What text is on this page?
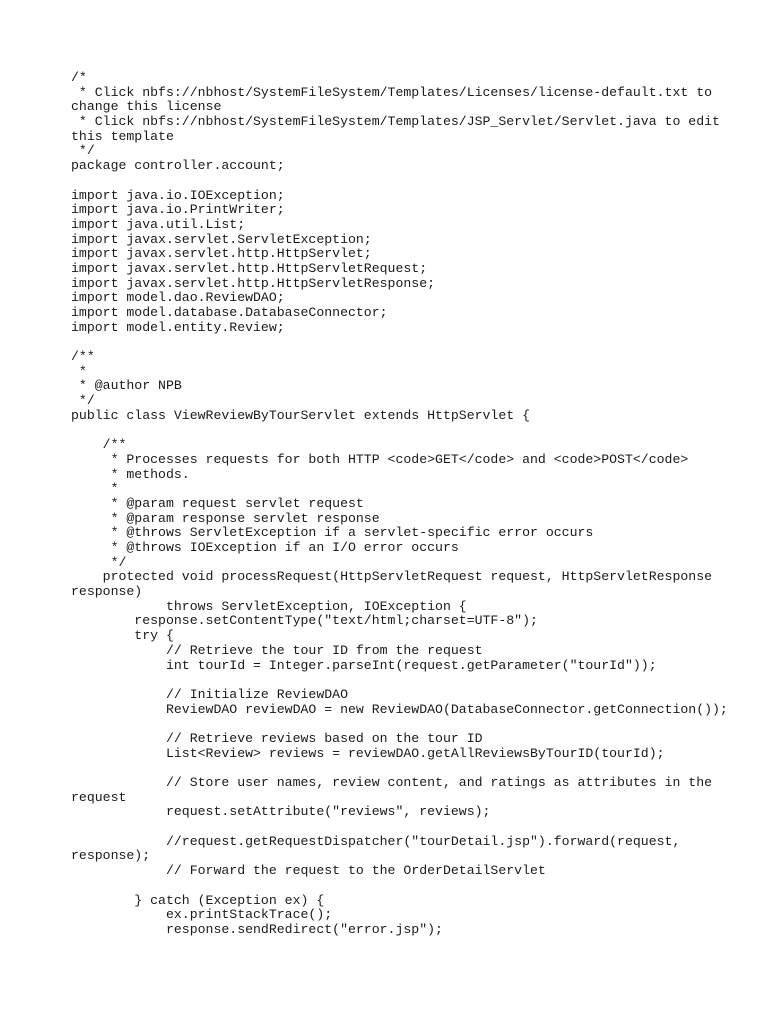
/*
* Click nbfs://nbhost/SystemFileSystem/Templates/Licenses/license-default.txt to
change this license
* Click nbfs://nbhost/SystemFileSystem/Templates/JSP_Servlet/Servlet.java to edit
this template
*/
package controller.account;
import java.io.IOException;
import java.io.PrintWriter;
import java.util.List;
import javax.servlet.ServletException;
import javax.servlet.http.HttpServlet;
import javax.servlet.http.HttpServletRequest;
import javax.servlet.http.HttpServletResponse;
import model.dao.ReviewDAO;
import model.database.DatabaseConnector;
import model.entity.Review;
/**
*
* @author NPB
*/
public class ViewReviewByTourServlet extends HttpServlet {
/**
* Processes requests for both HTTP <code>GET</code> and <code>POST</code>
* methods.
*
* @param request servlet request
* @param response servlet response
* @throws ServletException if a servlet-specific error occurs
* @throws IOException if an I/O error occurs
*/
protected void processRequest(HttpServletRequest request, HttpServletResponse
response)
throws ServletException, IOException {
response.setContentType("text/html;charset=UTF-8");
try {
// Retrieve the tour ID from the request
int tourId = Integer.parseInt(request.getParameter("tourId"));
// Initialize ReviewDAO
ReviewDAO reviewDAO = new ReviewDAO(DatabaseConnector.getConnection());
// Retrieve reviews based on the tour ID
List<Review> reviews = reviewDAO.getAllReviewsByTourID(tourId);
// Store user names, review content, and ratings as attributes in the
request
request.setAttribute("reviews", reviews);
//request.getRequestDispatcher("tourDetail.jsp").forward(request,
response);
// Forward the request to the OrderDetailServlet
} catch (Exception ex) {
ex.printStackTrace();
response.sendRedirect("error.jsp");
